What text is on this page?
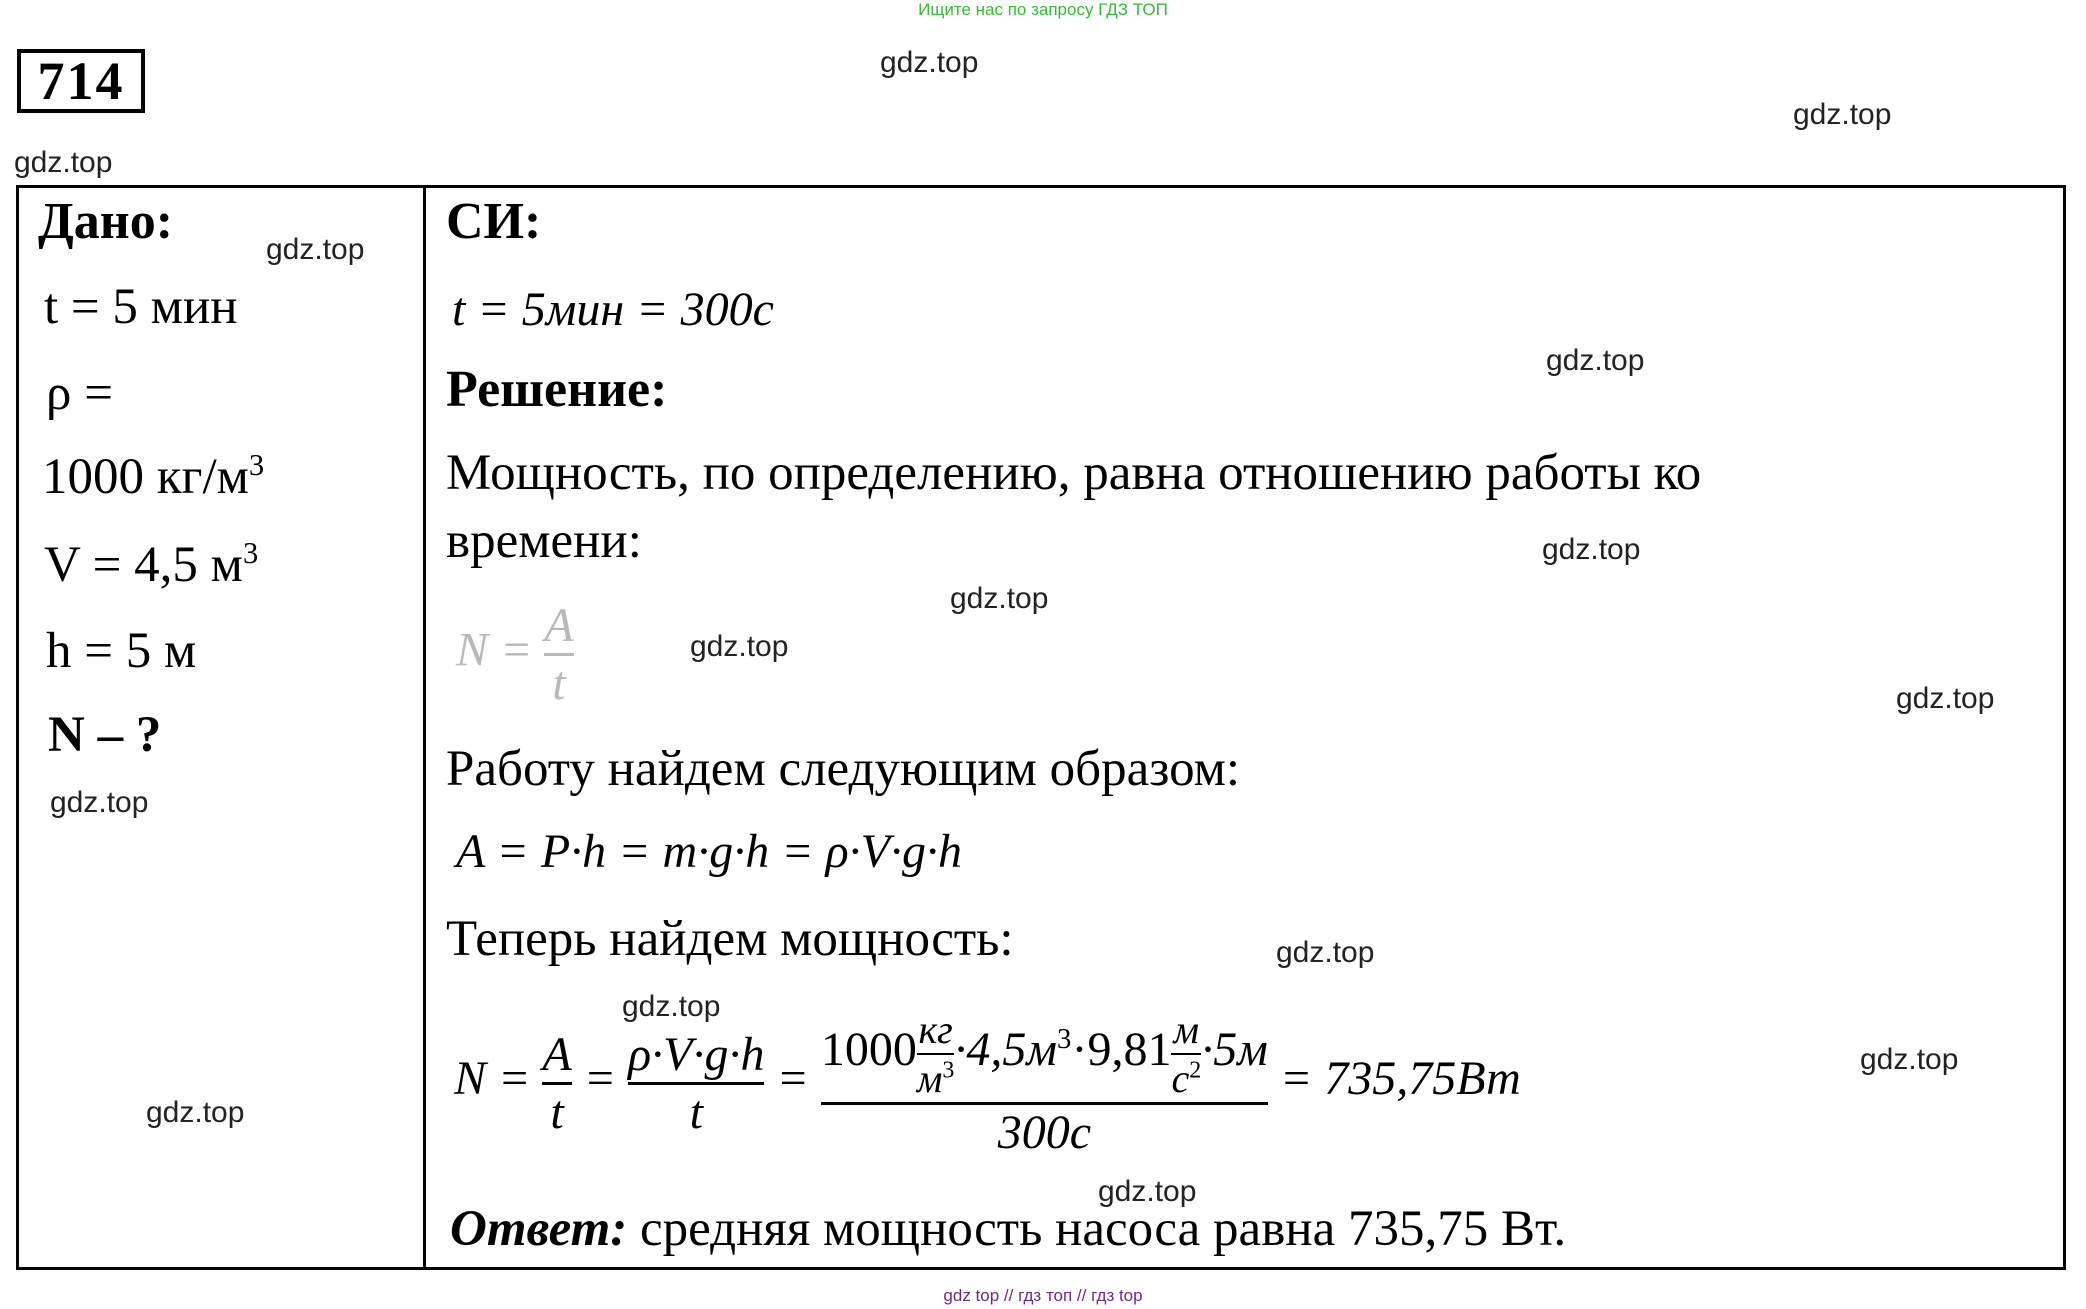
Ищите нас по запросу ГДЗ ТОП
714	gdz.top
gdz.top
gdz.top
gdz.top
gdz.top
gdz.top
gdz.top
gdz.top
gdz.top
gdz.top
gdz.top
gdz.top
gdz.top
gdz.top
gdz.top
Дано:
t = 5 мин
ρ =
1000 $кг/м^3$
V = 4,5 $м^3$
h = 5 м
N – ?
СИ:
t = 5мин = 300с
Решение:
Мощность, по определению, равна отношению работы ко
времени:
$N = \frac{A}{t}$
Работу найдем следующим образом:
A = P·h = m·g·h = ρ·V·g·h
Теперь найдем мощность:
$N = \frac{A}{t} = \frac{\rho\cdot V\cdot g\cdot h}{t} = \frac{1000 \frac{кг}{м^3} \cdot 4,5м^3\cdot 9,81 \frac{м}{с^2} \cdot 5м}{300с} = 735,75Вт$
Ответ: средняя мощность насоса равна 735,75 Вт.
gdz top // гдз топ // гдз top
